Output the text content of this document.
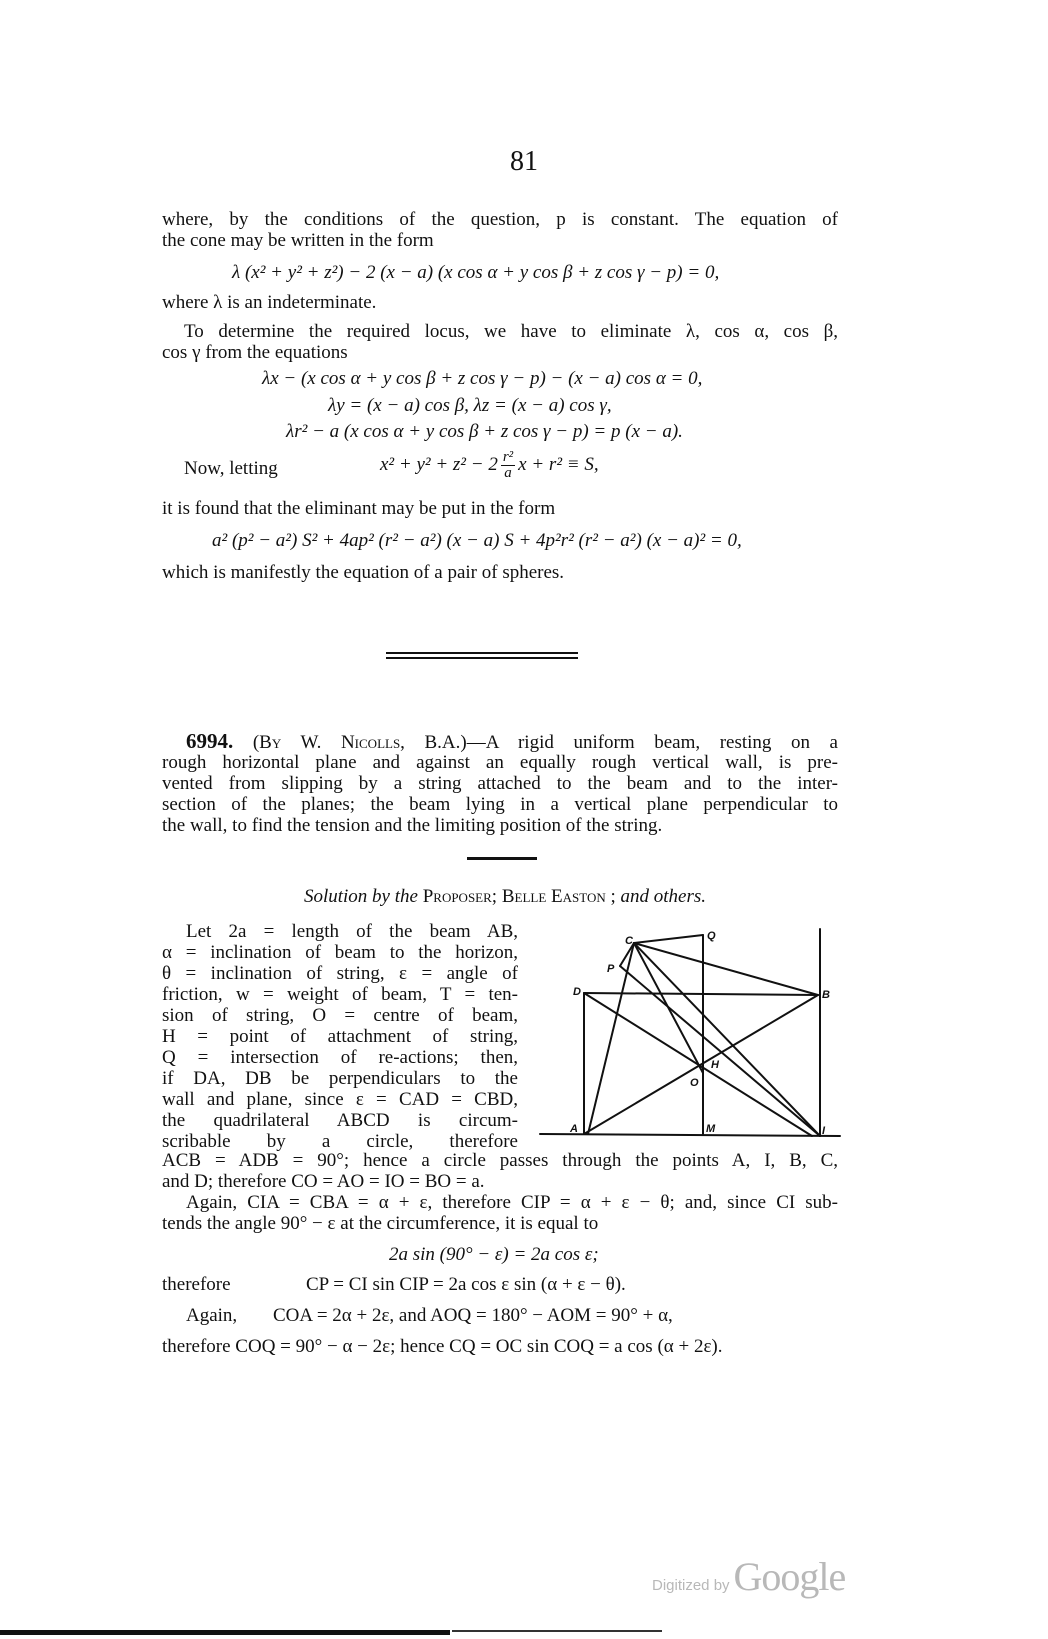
81
where, by the conditions of the question, p is constant. The equation of
the cone may be written in the form
λ (x² + y² + z²) − 2 (x − a) (x cos α + y cos β + z cos γ − p) = 0,
where λ is an indeterminate.
To determine the required locus, we have to eliminate λ, cos α, cos β,
cos γ from the equations
λx − (x cos α + y cos β + z cos γ − p) − (x − a) cos α = 0,
λy = (x − a) cos β, λz = (x − a) cos γ,
λr² − a (x cos α + y cos β + z cos γ − p) = p (x − a).
Now, letting	$x^2 + y^2 + z^2 - 2 \frac{\text{r²}}{a}$ x + r² ≡ S,
it is found that the eliminant may be put in the form
a² (p² − a²) S² + 4ap² (r² − a²) (x − a) S + 4p²r² (r² − a²) (x − a)² = 0,
which is manifestly the equation of a pair of spheres.
6994. (By W. Nicolls, B.A.)—A rigid uniform beam, resting on a
rough horizontal plane and against an equally rough vertical wall, is pre-
vented from slipping by a string attached to the beam and to the inter-
section of the planes; the beam lying in a vertical plane perpendicular to
the wall, to find the tension and the limiting position of the string.
Solution by the Proposer; Belle Easton ; and others.
Let 2a = length of the beam AB,
α = inclination of beam to the horizon,
θ = inclination of string, ε = angle of
friction, w = weight of beam, T = ten-
sion of string, O = centre of beam,
H = point of attachment of string,
Q = intersection of re-actions; then,
if DA, DB be perpendiculars to the
wall and plane, since ε = CAD = CBD,
the quadrilateral ABCD is circum-
scribable by a circle, therefore
C	Q
P
D	B
H
O
A	M	I
ACB = ADB = 90°; hence a circle passes through the points A, I, B, C,
and D; therefore CO = AO = IO = BO = a.
Again, CIA = CBA = α + ε, therefore CIP = α + ε − θ; and, since CI sub-
tends the angle 90° − ε at the circumference, it is equal to
2a sin (90° − ε) = 2a cos ε;
therefore	CP = CI sin CIP = 2a cos ε sin (α + ε − θ).
Again, COA = 2α + 2ε, and AOQ = 180° − AOM = 90° + α,
therefore COQ = 90° − α − 2ε; hence CQ = OC sin COQ = a cos (α + 2ε).
Digitized by Google
